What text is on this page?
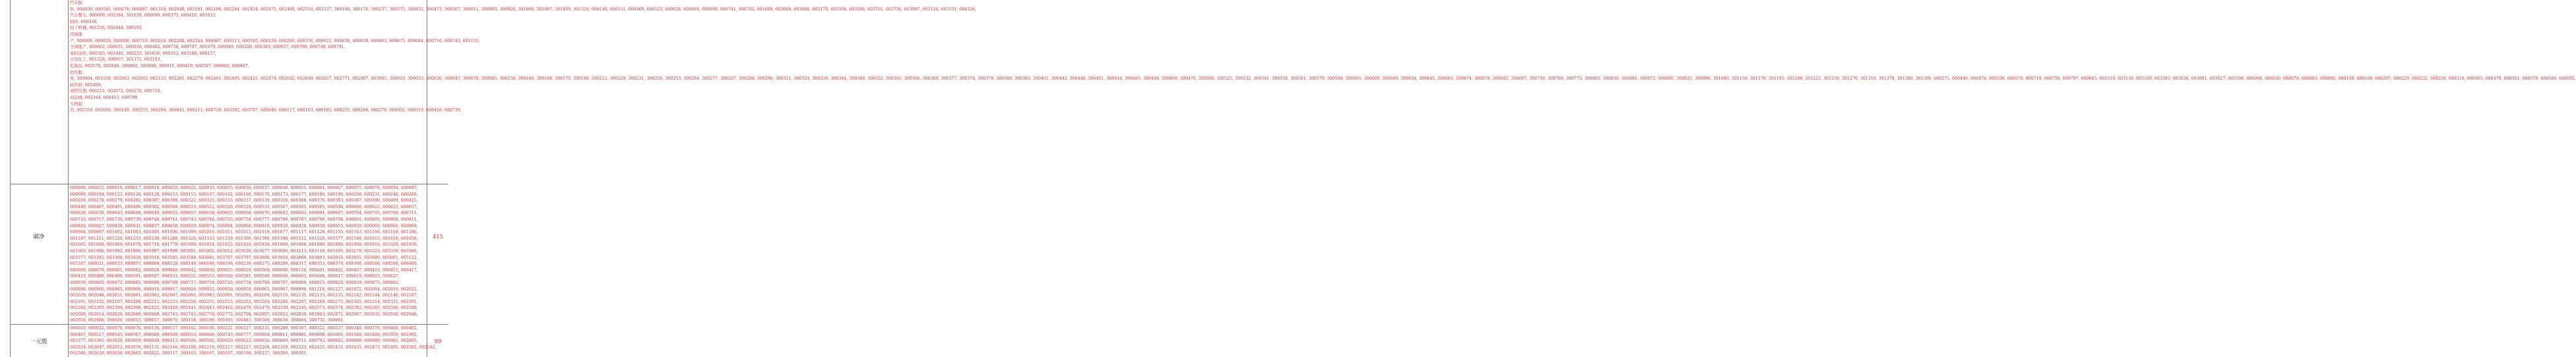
汽车配
件, 000030, 000581, 000678, 000887, 001319, 002048, 002101, 002190, 002284, 002434, 002472, 002488, 002510, 002537, 300100, 300176, 300237, 300375, 300432, 300473, 300507, 300611, 300893, 300926, 301000, 301007, 301499, 301329, 600148, 600151, 600469, 600523, 600626, 600660, 600698, 600741, 600742, 601689, 603009, 603040, 603179, 603338, 603596, 603701, 603730, 603997, 605128, 605151, 688326,
汽车整车, 000800, 002594, 301039, 600099, 600375, 600418, 601633,
铝锌, 600338,
轻工机械, 001256, 002444, 300195,
区域地
产, 000006, 000029, 000608, 000718, 002016, 002208, 002244, 600067, 600113, 600185, 600239, 600266, 600376, 600622, 600638, 600639, 600663, 600675, 600684, 600716, 600743, 601155,
全国地产, 000002, 000031, 000036, 000402, 000736, 000797, 001979, 600048, 600208, 600383, 600657, 600708, 600748, 600791,
染料涂料, 000565, 002440, 300225, 301036, 600352, 603188, 688157,
日用化工, 001328, 300957, 301371, 603193,
乳制品, 002570, 002946, 300892, 300898, 300915, 600429, 600597, 600882, 600887,
软件服
务, 300004, 001058, 002063, 002065, 002153, 002261, 002279, 002401, 002405, 002421, 002474, 002642, 002649, 002657, 002771, 002987, 003005, 300010, 300033, 300036, 300047, 300078, 300085, 300150, 300166, 300168, 300170, 300188, 300212, 300229, 300231, 300250, 300253, 300264, 300277, 300287, 300288, 300290, 300311, 300324, 300339, 300344, 300348, 300352, 300365, 300366, 300369, 300377, 300378, 300379, 300380, 300383, 300401, 300442, 300448, 300451, 300454, 300465, 300468, 300469, 300479, 300508, 300525, 300532, 300541, 300550, 300561, 300579, 300598, 300605, 300609, 300609, 300634, 300645, 300663, 300674, 300678, 300682, 300687, 300730, 300768, 300773, 300803, 300830, 300846, 300872, 300895, 300925, 300996, 301085, 301159, 301178, 301185, 301208, 301221, 301236, 301270, 301316, 301378, 301380, 301396, 600271, 600446, 600476, 600536, 600570, 600718, 600756, 600797, 600845, 601519, 603138, 603189, 603383, 603636, 603881, 603927, 605398, 688004, 688030, 688078, 688083, 688095, 688158, 688168, 688207, 688229, 688232, 688258, 688318, 688365, 688479, 688561, 688579, 688588, 688692,
软饮料, 605499,
商贸代理, 000151, 002072, 600278, 600710,
商品城, 002344, 600415, 600790,
生物制
药, 002550, 002693, 300149, 300255, 300294, 300841, 600211, 600739, 603392, 603707, 688046, 688117, 688163, 688185, 688235, 688266, 688278, 688302, 688319, 688428, 688739,
碳净
600000, 600015, 600016, 600017, 600019, 600020, 600022, 600033, 600035, 600036, 600037, 600048, 600051, 600064, 600067, 600075, 600076, 600094, 600097,
600098, 600104, 600123, 600126, 600128, 600153, 600155, 600157, 600162, 600168, 600170, 600173, 600177, 600180, 600190, 600208, 600231, 600248, 600266,
600269, 600278, 600279, 600282, 600307, 600308, 600322, 600325, 600335, 600337, 600339, 600350, 600368, 600376, 600383, 600387, 600390, 600409, 600425,
600449, 600467, 600491, 600496, 600502, 600508, 600510, 600512, 600526, 600528, 600533, 600567, 600585, 600595, 600596, 600606, 600622, 600623, 600637,
600638, 600639, 600643, 600648, 600649, 600655, 600657, 600658, 600663, 600668, 600676, 600682, 600693, 600694, 600697, 600704, 600705, 600708, 600711,
600716, 600717, 600736, 600739, 600748, 600741, 600743, 600748, 600755, 600758, 600777, 600780, 600787, 600790, 600798, 600801, 600805, 600808, 600811,
600820, 600827, 600828, 600831, 600837, 600858, 600859, 600874, 600884, 600908, 600919, 600926, 600928, 600939, 600955, 600959, 600960, 600966, 600969,
600984, 600997, 601002, 601003, 601005, 601006, 601009, 601010, 601011, 601015, 601018, 601077, 601117, 601128, 601155, 601163, 601166, 601169, 601186,
601187, 601211, 601229, 601233, 601238, 601288, 601326, 601333, 601339, 601366, 601390, 601398, 601512, 601528, 601577, 601588, 601615, 601618, 601658,
601665, 601668, 601669, 601678, 601718, 601778, 601800, 601818, 601825, 601828, 601838, 601860, 601868, 601880, 601886, 601908, 601916, 601929, 601939,
601963, 601988, 601992, 601996, 601997, 601998, 603001, 603002, 603012, 603020, 603077, 603086, 603113, 603116, 603185, 603278, 603323, 603339, 603366,
603377, 603385, 603388, 603458, 603518, 603585, 603588, 603681, 603707, 603797, 603808, 603818, 603869, 603893, 603916, 603955, 603980, 605001, 605122,
605287, 688021, 688033, 688057, 688068, 688128, 688148, 688186, 688198, 688239, 688275, 688298, 688317, 688353, 688370, 688398, 688566, 688598, 688660,
688669, 688679, 000001, 000002, 000028, 000040, 000042, 000050, 000055, 000059, 000069, 000090, 000156, 000401, 000402, 000407, 000413, 000415, 000417,
000419, 000488, 000498, 000501, 000507, 000531, 000552, 000553, 000560, 000581, 000589, 000600, 000603, 000608, 000617, 000619, 000623, 000627,
000639, 000665, 000672, 000685, 000690, 000709, 000717, 000718, 000726, 000758, 000789, 000797, 000809, 000825, 000828, 000839, 000875, 000882,
000898, 000900, 000905, 000906, 000910, 000917, 000926, 000932, 000950, 000959, 000965, 000967, 000990, 001218, 001227, 001872, 002004, 002010, 002022,
002029, 002048, 002051, 002061, 002062, 002067, 002081, 002083, 002091, 002092, 002109, 002110, 002131, 002133, 002135, 002142, 002144, 002146, 002187,
002191, 002192, 002197, 002208, 002212, 002233, 002250, 002251, 002253, 002262, 002264, 002266, 002267, 002269, 002275, 002305, 002314, 002321, 002391,
002392, 002393, 002394, 002398, 002425, 002440, 002441, 002443, 002462, 002478, 002479, 002538, 002545, 002573, 002574, 002582, 002585, 002586, 002589,
002608, 002614, 002628, 002666, 002669, 002743, 002745, 002759, 002772, 002798, 002807, 002822, 002839, 002863, 002872, 002887, 002932, 002936, 002948,
002958, 002966, 300020, 300055, 300057, 300070, 300158, 300190, 300395, 300483, 300569, 300639, 300664, 300732, 300981,
415
一元股
000010, 000022, 000070, 000076, 000136, 000157, 000162, 000190, 000221, 000227, 000231, 000289, 000307, 000322, 000337, 000340, 000370, 000408, 000462,
000467, 000527, 000545, 000567, 000568, 000569, 000653, 000666, 000743, 000777, 000804, 000811, 000881, 000898, 001005, 001588, 001880, 001929, 001992,
003377, 003385, 003828, 003959, 000040, 000413, 000506, 000592, 000620, 000622, 000656, 000669, 000711, 000793, 000882, 000889, 000980, 000981, 002005,
002024, 002047, 002052, 002076, 002131, 002146, 002188, 002210, 002217, 002227, 002269, 002310, 002323, 002425, 002431, 002435, 002473, 002495, 002502, 002542,
002586, 002629, 002656, 002663, 002822, 300117, 300163, 300167, 300197, 300198, 300237, 300300, 300301,
89
